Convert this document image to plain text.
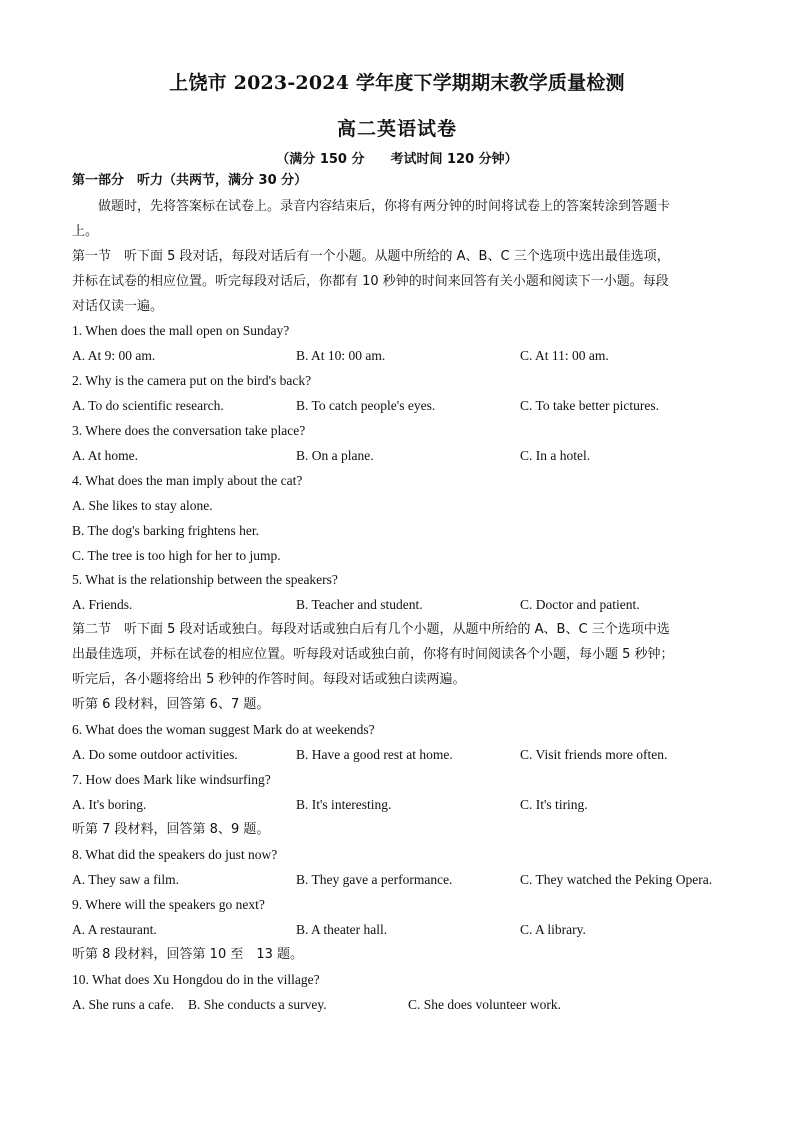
上饶市 2023-2024 学年度下学期期末教学质量检测
高二英语试卷
（满分 150 分　　考试时间 120 分钟）
第一部分　听力（共两节，满分 30 分）
　　做题时，先将答案标在试卷上。录音内容结束后，你将有两分钟的时间将试卷上的答案转涂到答题卡
上。
第一节　听下面 5 段对话，每段对话后有一个小题。从题中所给的 A、B、C 三个选项中选出最佳选项，
并标在试卷的相应位置。听完每段对话后，你都有 10 秒钟的时间来回答有关小题和阅读下一小题。每段
对话仅读一遍。
1. When does the mall open on Sunday?
A. At 9: 00 am.	B. At 10: 00 am.	C. At 11: 00 am.
2. Why is the camera put on the bird's back?
A. To do scientific research.	B. To catch people's eyes.	C. To take better pictures.
3. Where does the conversation take place?
A. At home.	B. On a plane.	C. In a hotel.
4. What does the man imply about the cat?
A. She likes to stay alone.
B. The dog's barking frightens her.
C. The tree is too high for her to jump.
5. What is the relationship between the speakers?
A. Friends.	B. Teacher and student.	C. Doctor and patient.
第二节　听下面 5 段对话或独白。每段对话或独白后有几个小题，从题中所给的 A、B、C 三个选项中选
出最佳选项，并标在试卷的相应位置。听每段对话或独白前，你将有时间阅读各个小题，每小题 5 秒钟；
听完后，各小题将给出 5 秒钟的作答时间。每段对话或独白读两遍。
听第 6 段材料，回答第 6、7 题。
6. What does the woman suggest Mark do at weekends?
A. Do some outdoor activities.	B. Have a good rest at home.	C. Visit friends more often.
7. How does Mark like windsurfing?
A. It's boring.	B. It's interesting.	C. It's tiring.
听第 7 段材料，回答第 8、9 题。
8. What did the speakers do just now?
A. They saw a film.	B. They gave a performance.	C. They watched the Peking Opera.
9. Where will the speakers go next?
A. A restaurant.	B. A theater hall.	C. A library.
听第 8 段材料，回答第 10 至　13 题。
10. What does Xu Hongdou do in the village?
A. She runs a cafe. B. She conducts a survey.	C. She does volunteer work.
